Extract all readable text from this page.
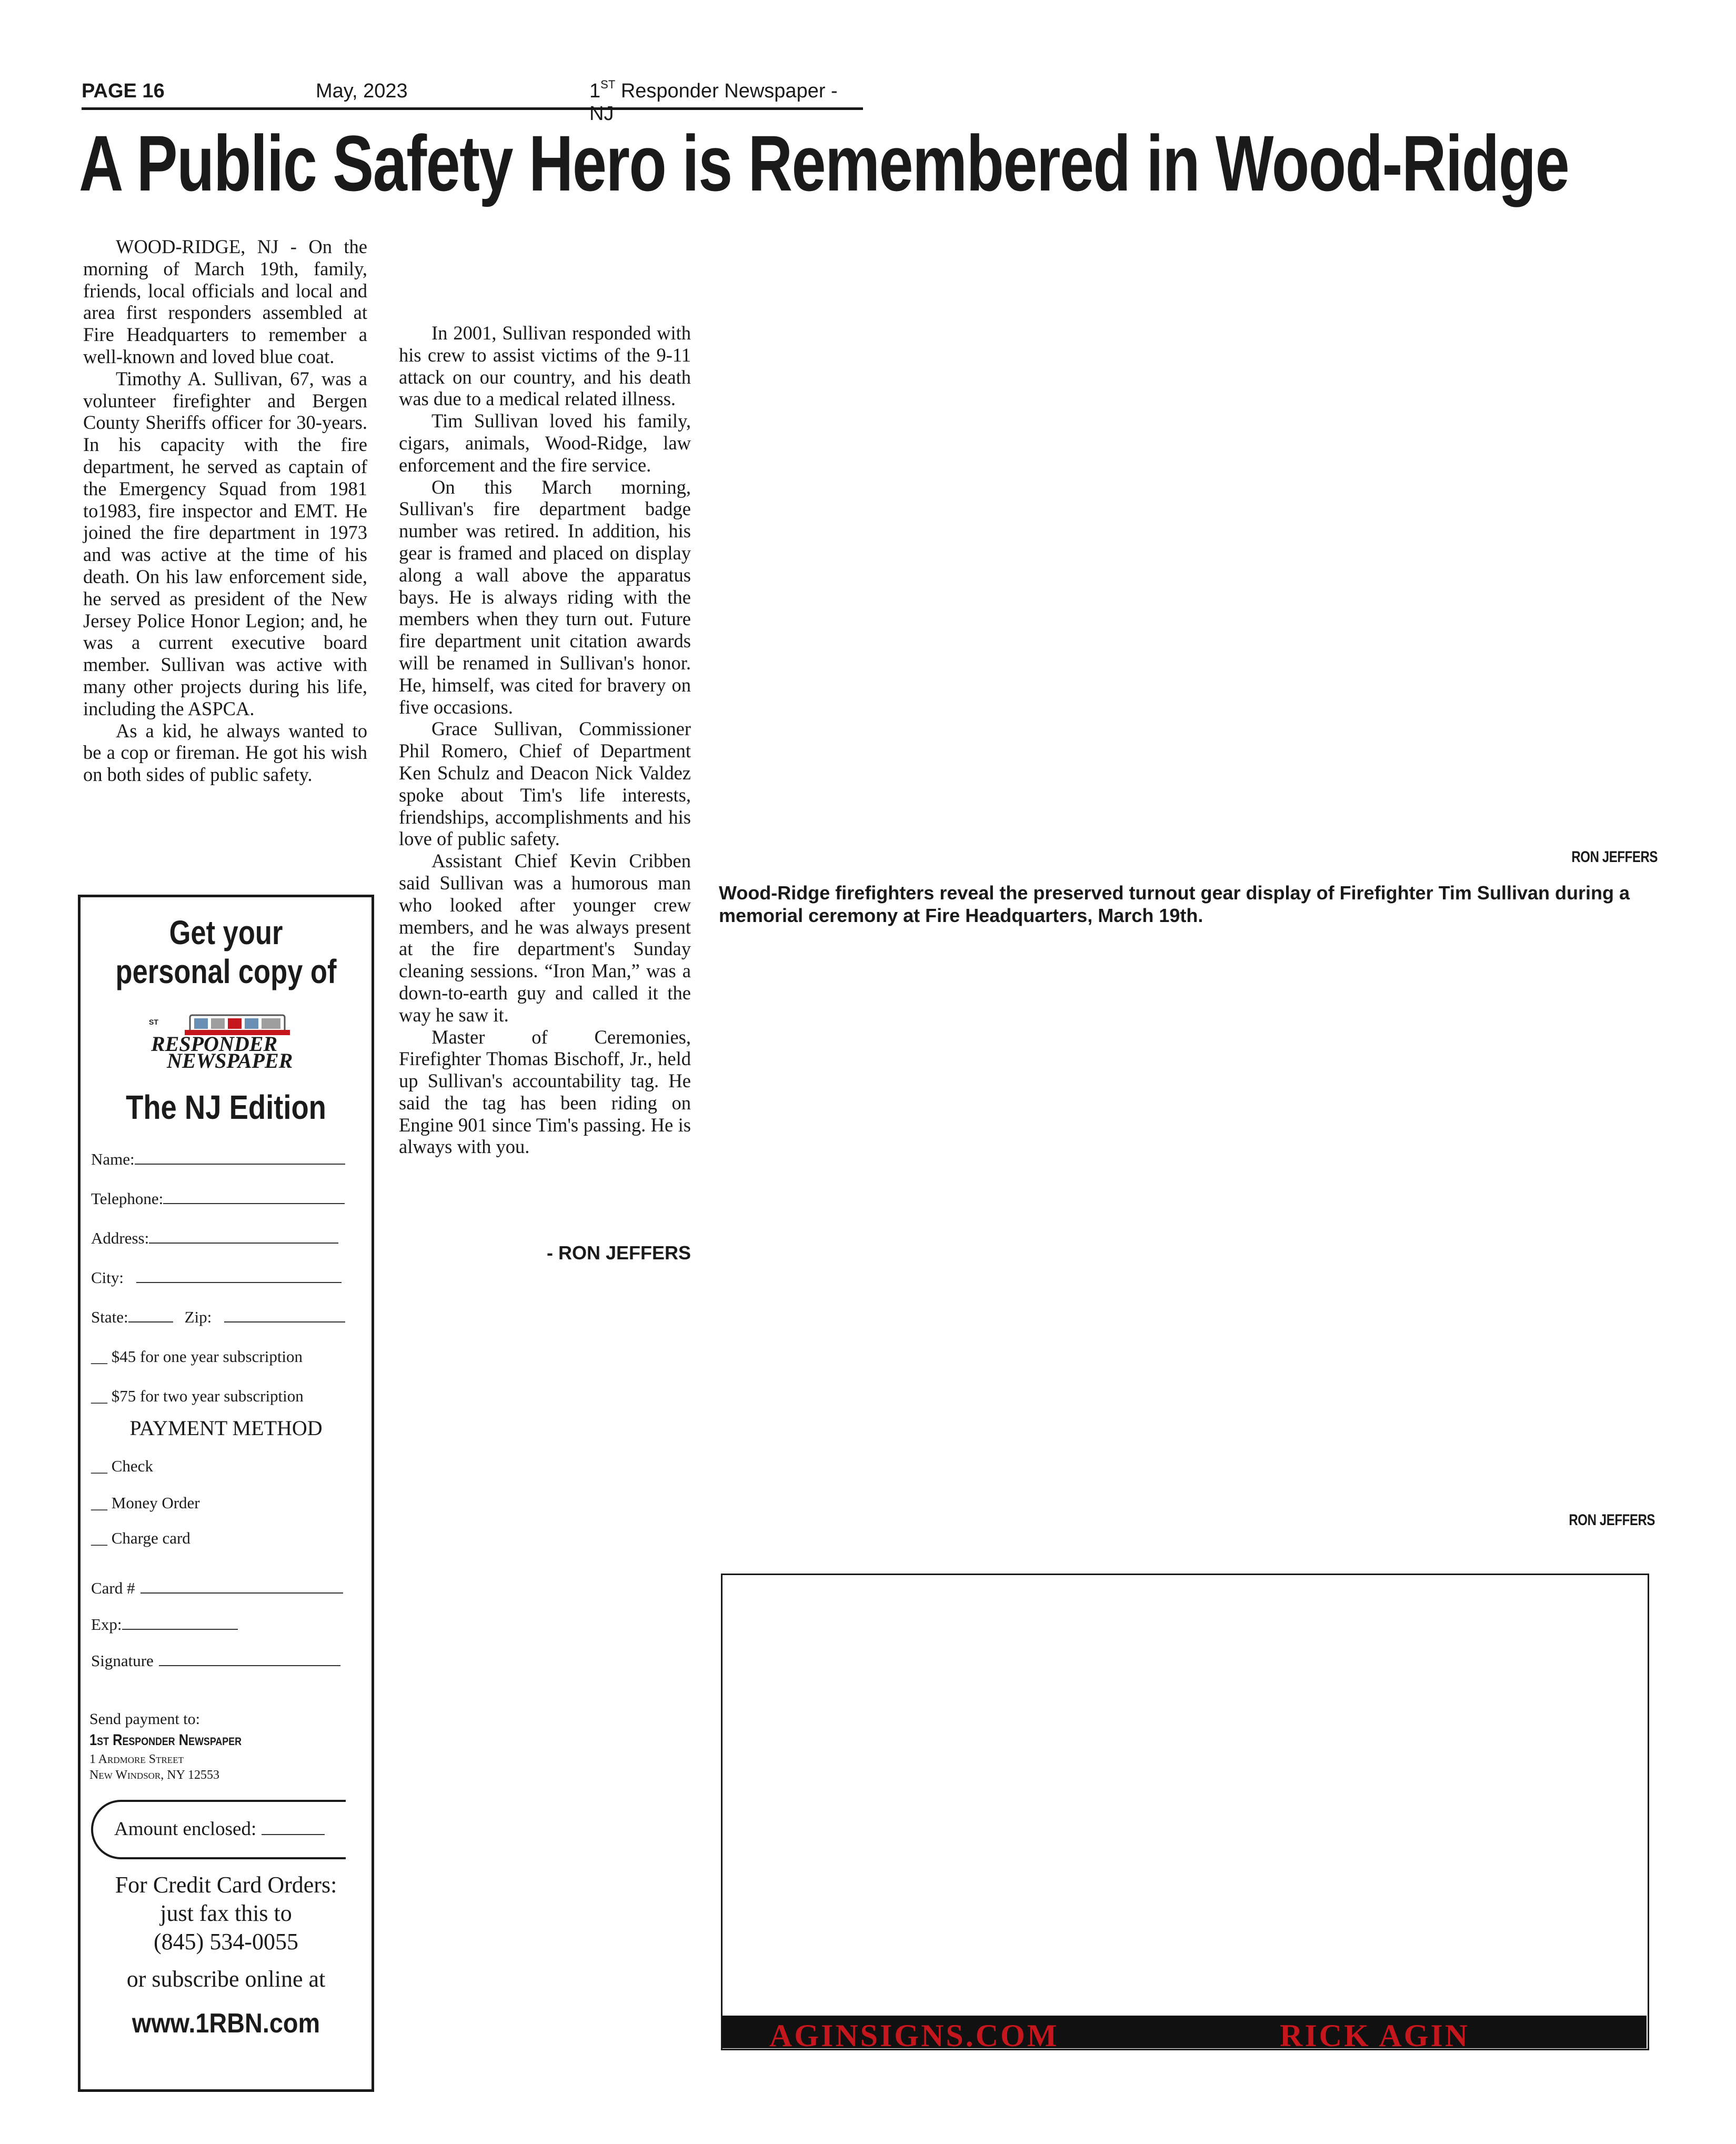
PAGE 16	May, 2023	1ST Responder Newspaper - NJ
A Public Safety Hero is Remembered in Wood-Ridge

WOOD-RIDGE, NJ - On the morning of March 19th, family, friends, local officials and local and area first responders assembled at Fire Headquarters to remember a well-known and loved blue coat.

Timothy A. Sullivan, 67, was a volunteer firefighter and Bergen County Sheriffs officer for 30-years. In his capacity with the fire department, he served as captain of the Emergency Squad from 1981 to1983, fire inspector and EMT. He joined the fire department in 1973 and was active at the time of his death. On his law enforcement side, he served as president of the New Jersey Police Honor Legion; and, he was a current executive board member. Sullivan was active with many other projects during his life, including the ASPCA.

As a kid, he always wanted to be a cop or fireman. He got his wish on both sides of public safety.

In 2001, Sullivan responded with his crew to assist victims of the 9-11 attack on our country, and his death was due to a medical related illness.

Tim Sullivan loved his family, cigars, animals, Wood-Ridge, law enforcement and the fire service.

On this March morning, Sullivan's fire department badge number was retired. In addition, his gear is framed and placed on display along a wall above the apparatus bays. He is always riding with the members when they turn out. Future fire department unit citation awards will be renamed in Sullivan's honor. He, himself, was cited for bravery on five occasions.

Grace Sullivan, Commissioner Phil Romero, Chief of Department Ken Schulz and Deacon Nick Valdez spoke about Tim's life interests, friendships, accomplishments and his love of public safety.

Assistant Chief Kevin Cribben said Sullivan was a humorous man who looked after younger crew members, and he was always present at the fire department's Sunday cleaning sessions. “Iron Man,” was a down-to-earth guy and called it the way he saw it.

Master of Ceremonies, Firefighter Thomas Bischoff, Jr., held up Sullivan's accountability tag. He said the tag has been riding on Engine 901 since Tim's passing. He is always with you.

- RON JEFFERS
RON JEFFERS
Wood-Ridge firefighters reveal the preserved turnout gear display of Firefighter Tim Sullivan during a memorial ceremony at Fire Headquarters, March 19th.
RON JEFFERS
AGINSIGNS.COM	RICK AGIN
Get your
personal copy of
ST
RESPONDER
NEWSPAPER
The NJ Edition
Name:
Telephone:
Address:
City:
State:	Zip:
__ $45 for one year subscription
__ $75 for two year subscription
PAYMENT METHOD
__ Check
__ Money Order
__ Charge card
Card #
Exp:
Signature
Send payment to:
1st Responder Newspaper
1 Ardmore Street
New Windsor, NY 12553
Amount enclosed:
For Credit Card Orders:
just fax this to
(845) 534-0055
or subscribe online at
www.1RBN.com
